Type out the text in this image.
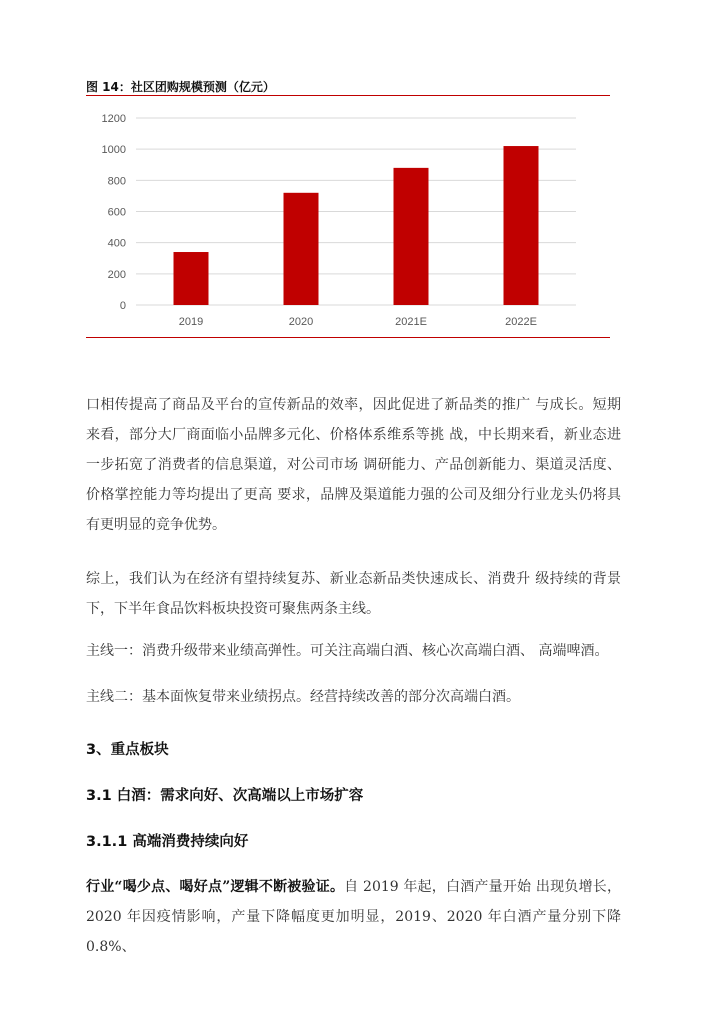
图 14：社区团购规模预测（亿元）
0
200
400
600
800
1000
1200
2019	2020	2021E	2022E

口相传提高了商品及平台的宣传新品的效率，因此促进了新品类的推广 与成长。短期来看，部分大厂商面临小品牌多元化、价格体系维系等挑 战，中长期来看，新业态进一步拓宽了消费者的信息渠道，对公司市场 调研能力、产品创新能力、渠道灵活度、价格掌控能力等均提出了更高 要求，品牌及渠道能力强的公司及细分行业龙头仍将具有更明显的竞争优势。

综上，我们认为在经济有望持续复苏、新业态新品类快速成长、消费升 级持续的背景下，下半年食品饮料板块投资可聚焦两条主线。

主线一：消费升级带来业绩高弹性。可关注高端白酒、核心次高端白酒、 高端啤酒。

主线二：基本面恢复带来业绩拐点。经营持续改善的部分次高端白酒。

3、重点板块
3.1 白酒：需求向好、次高端以上市场扩容
3.1.1 高端消费持续向好

行业“喝少点、喝好点”逻辑不断被验证。自 2019 年起，白酒产量开始 出现负增长，2020 年因疫情影响，产量下降幅度更加明显，2019、2020 年白酒产量分别下降 0.8%、
